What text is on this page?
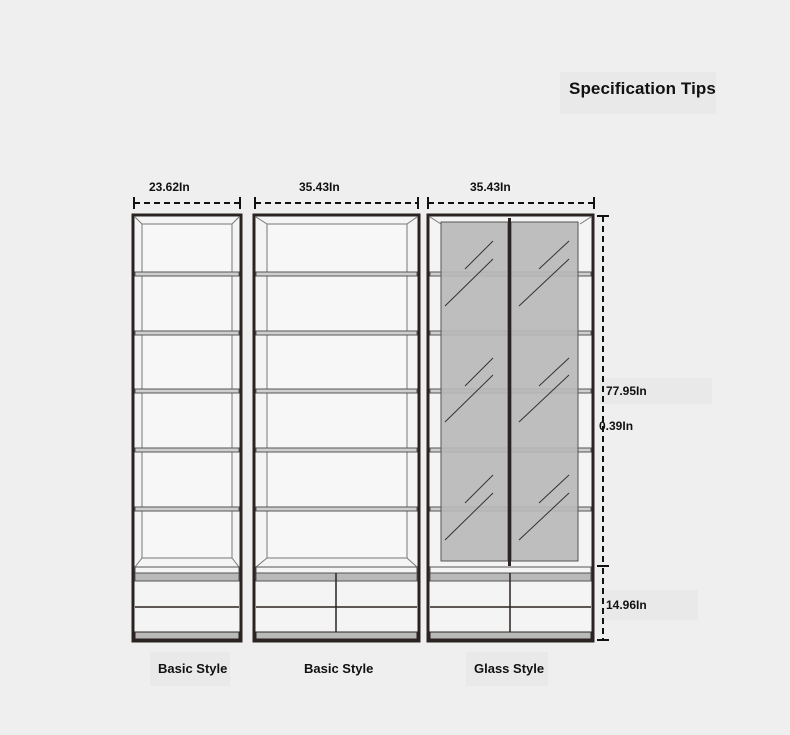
Specification Tips
23.62In	35.43In	35.43In
77.95In
0.39In
14.96In
Basic Style	Basic Style	Glass Style
